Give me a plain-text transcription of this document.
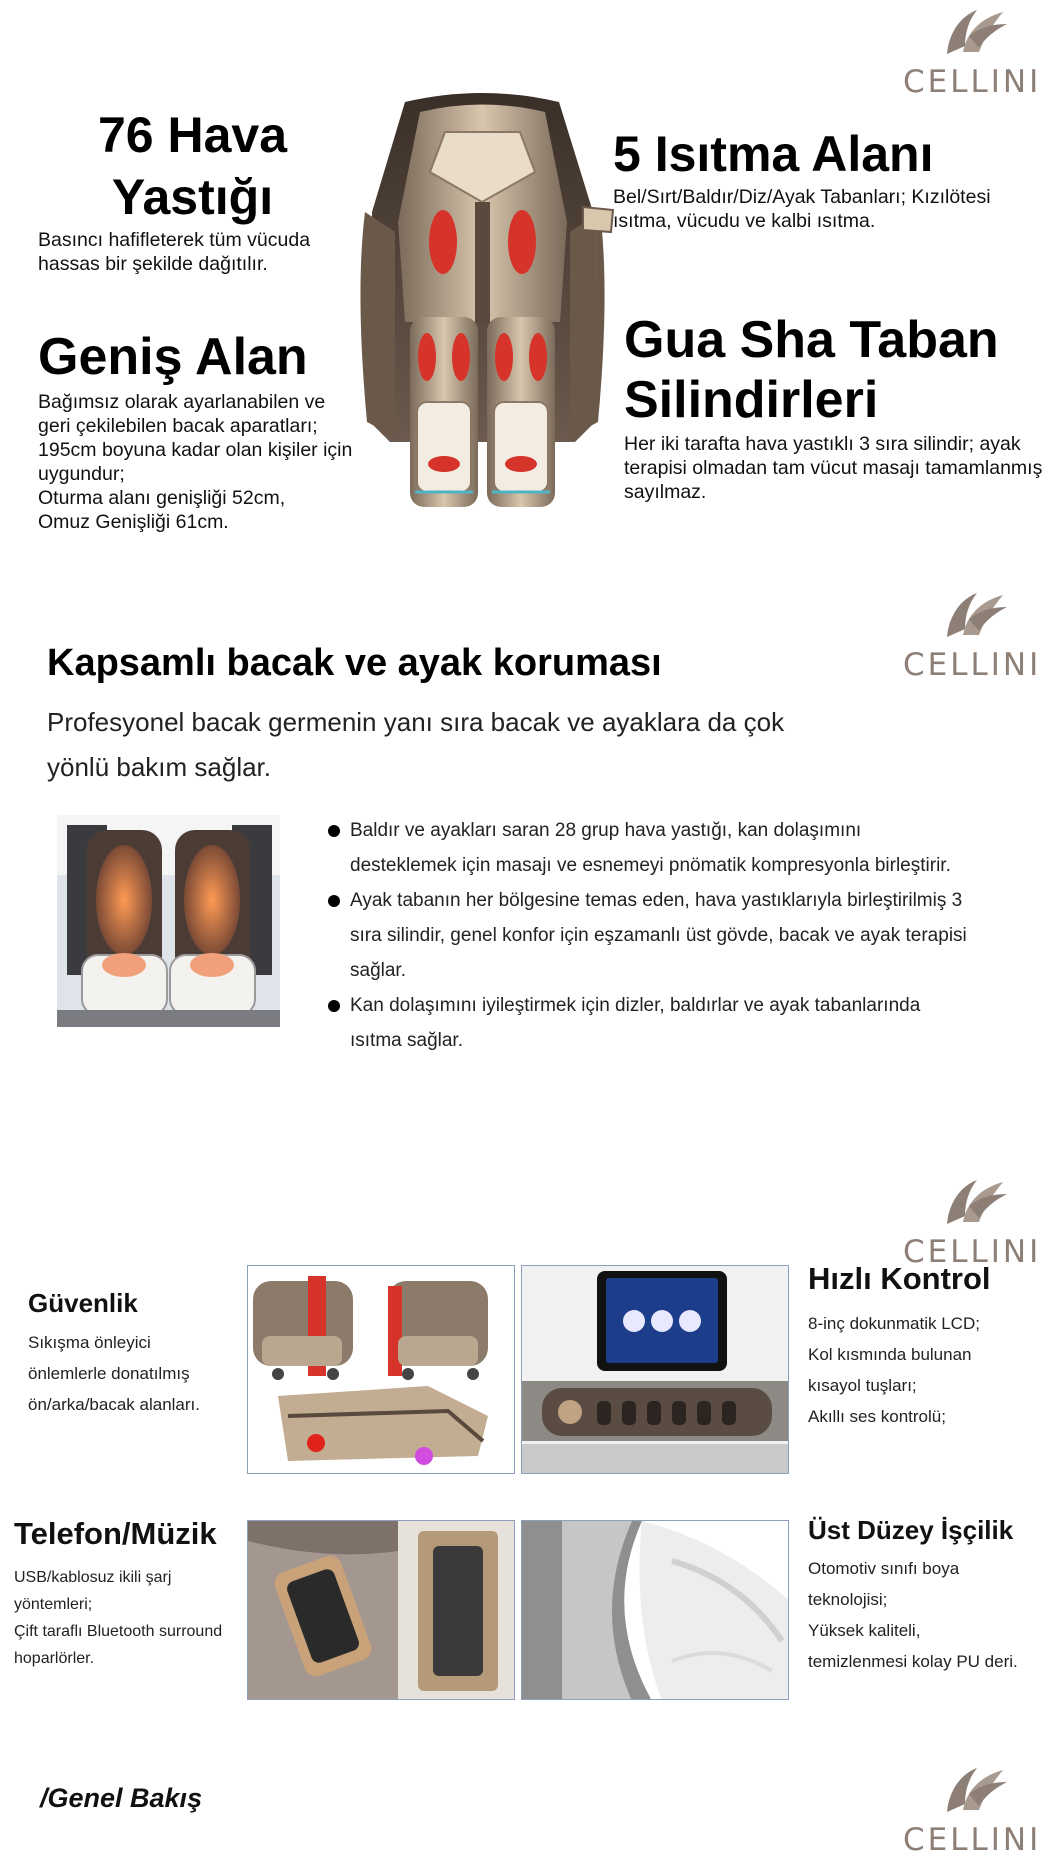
CELLINI
CELLINI
CELLINI
CELLINI
76 Hava Yastığı

Basıncı hafifleterek tüm vücuda hassas bir şekilde dağıtılır.

Geniş Alan
Bağımsız olarak ayarlanabilen ve geri çekilebilen bacak aparatları;
195cm boyuna kadar olan kişiler için uygundur;
Oturma alanı genişliği 52cm,
Omuz Genişliği 61cm.
5 Isıtma Alanı

Bel/Sırt/Baldır/Diz/Ayak Tabanları; Kızılötesi ısıtma, vücudu ve kalbi ısıtma.

Gua Sha Taban Silindirleri

Her iki tarafta hava yastıklı 3 sıra silindir; ayak terapisi olmadan tam vücut masajı tamamlanmış sayılmaz.

Kapsamlı bacak ve ayak koruması

Profesyonel bacak germenin yanı sıra bacak ve ayaklara da çok yönlü bakım sağlar.

Baldır ve ayakları saran 28 grup hava yastığı, kan dolaşımını desteklemek için masajı ve esnemeyi pnömatik kompresyonla birleştirir.
Ayak tabanın her bölgesine temas eden, hava yastıklarıyla birleştirilmiş 3 sıra silindir, genel konfor için eşzamanlı üst gövde, bacak ve ayak terapisi sağlar.
Kan dolaşımını iyileştirmek için dizler, baldırlar ve ayak tabanlarında ısıtma sağlar.
Güvenlik
Sıkışma önleyici
önlemlerle donatılmış
ön/arka/bacak alanları.
Hızlı Kontrol
8-inç dokunmatik LCD;
Kol kısmında bulunan
kısayol tuşları;
Akıllı ses kontrolü;
Telefon/Müzik
USB/kablosuz ikili şarj
yöntemleri;
Çift taraflı Bluetooth surround
hoparlörler.
Üst Düzey İşçilik
Otomotiv sınıfı boya
teknolojisi;
Yüksek kaliteli,
temizlenmesi kolay PU deri.
/Genel Bakış
